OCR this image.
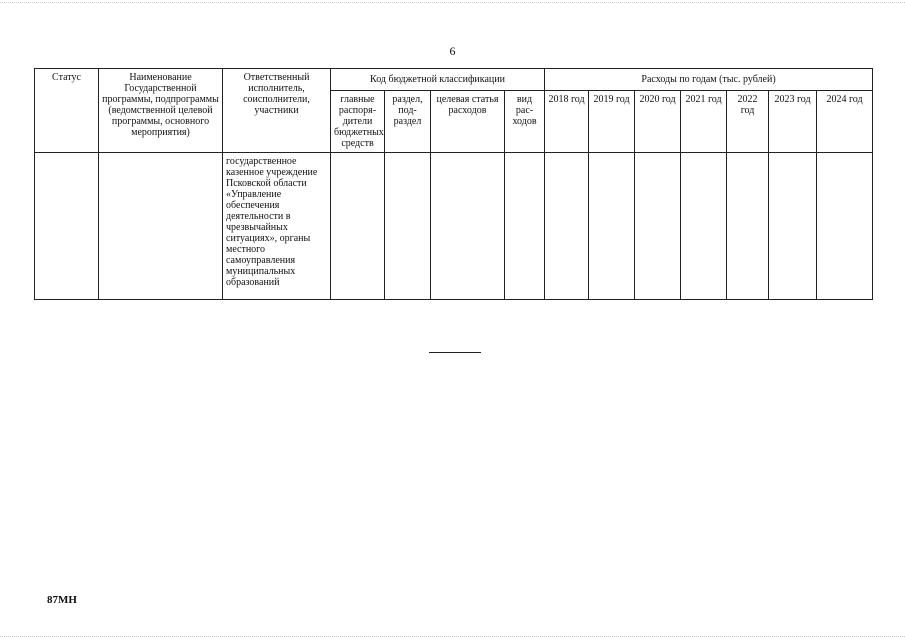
6
Статус	Наименование Государственной программы, подпрограммы (ведомственной целевой программы, основного мероприятия)	Ответственный исполнитель, соисполнители, участники	Код бюджетной классификации				Расходы по годам (тыс. рублей)						
			главные распоря-дители бюджетных средств	раздел, под-раздел	целевая статья расходов	вид рас-ходов	2018 год	2019 год	2020 год	2021 год	2022 год	2023 год	2024 год
		государственное казенное учреждение Псковской области «Управление обеспечения деятельности в чрезвычайных ситуациях», органы местного самоуправления муниципальных образований											
87МН
